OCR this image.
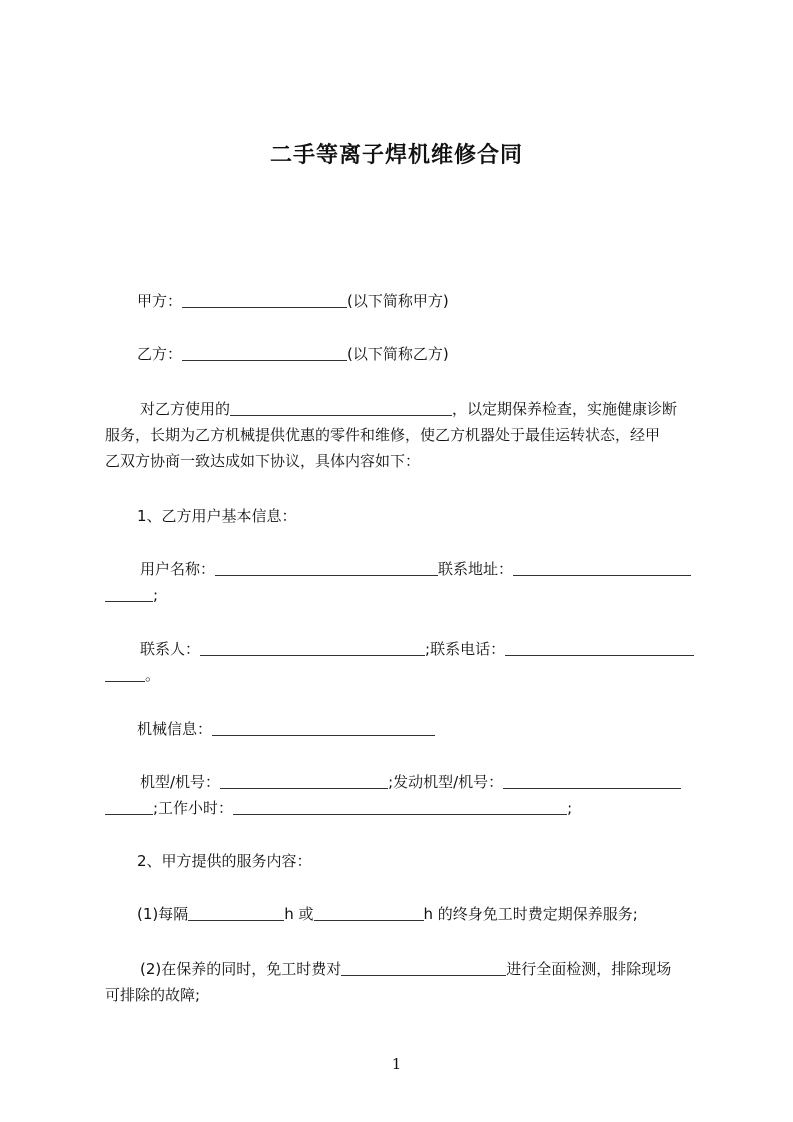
二手等离子焊机维修合同
甲方：	(以下简称甲方)
乙方：	(以下简称乙方)
对乙方使用的	，以定期保养检查，实施健康诊断
服务，长期为乙方机械提供优惠的零件和维修，使乙方机器处于最佳运转状态，经甲
乙双方协商一致达成如下协议，具体内容如下：
1、乙方用户基本信息：
用户名称：	联系地址：
;
联系人：	;联系电话：
。
机械信息：
机型/机号：	;发动机型/机号：
;工作小时：	;
2、甲方提供的服务内容：
(1)每隔	h 或	h 的终身免工时费定期保养服务;
(2)在保养的同时，免工时费对	进行全面检测，排除现场
可排除的故障;
1
